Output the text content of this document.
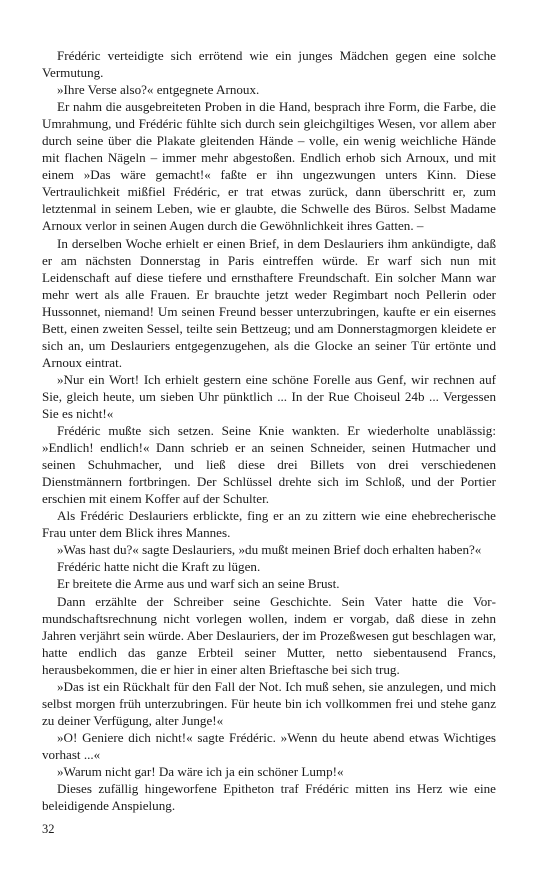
Frédéric verteidigte sich errötend wie ein junges Mädchen gegen eine solche Vermutung.

»Ihre Verse also?« entgegnete Arnoux.

Er nahm die ausgebreiteten Proben in die Hand, besprach ihre Form, die Farbe, die Umrahmung, und Frédéric fühlte sich durch sein gleichgiltiges Wesen, vor allem aber durch seine über die Plakate gleitenden Hände – volle, ein wenig weichliche Hände mit flachen Nägeln – immer mehr abgestoßen. Endlich erhob sich Arnoux, und mit einem »Das wäre gemacht!« faßte er ihn ungezwungen unters Kinn. Diese Vertraulichkeit mißfiel Frédéric, er trat etwas zurück, dann überschritt er, zum letztenmal in seinem Leben, wie er glaubte, die Schwelle des Büros. Selbst Madame Arnoux verlor in seinen Augen durch die Gewöhnlichkeit ihres Gatten. –

In derselben Woche erhielt er einen Brief, in dem Deslauriers ihm ankündigte, daß er am nächsten Donnerstag in Paris eintreffen würde. Er warf sich nun mit Leidenschaft auf diese tiefere und ernsthaftere Freundschaft. Ein solcher Mann war mehr wert als alle Frauen. Er brauchte jetzt weder Regimbart noch Pellerin oder Hussonnet, niemand! Um seinen Freund besser unterzubringen, kaufte er ein eisernes Bett, einen zweiten Sessel, teilte sein Bettzeug; und am Donnerstagmorgen kleidete er sich an, um Deslauriers entgegenzugehen, als die Glocke an seiner Tür ertönte und Arnoux eintrat.

»Nur ein Wort! Ich erhielt gestern eine schöne Forelle aus Genf, wir rechnen auf Sie, gleich heute, um sieben Uhr pünktlich ... In der Rue Choiseul 24b ... Vergessen Sie es nicht!«

Frédéric mußte sich setzen. Seine Knie wankten. Er wiederholte unablässig: »Endlich! endlich!« Dann schrieb er an seinen Schneider, seinen Hutmacher und seinen Schuhmacher, und ließ diese drei Billets von drei verschiedenen Dienstmännern fortbringen. Der Schlüssel drehte sich im Schloß, und der Portier erschien mit einem Koffer auf der Schulter.

Als Frédéric Deslauriers erblickte, fing er an zu zittern wie eine ehebrecherische Frau unter dem Blick ihres Mannes.

»Was hast du?« sagte Deslauriers, »du mußt meinen Brief doch erhalten haben?«

Frédéric hatte nicht die Kraft zu lügen.

Er breitete die Arme aus und warf sich an seine Brust.

Dann erzählte der Schreiber seine Geschichte. Sein Vater hatte die Vormundschaftsrechnung nicht vorlegen wollen, indem er vorgab, daß diese in zehn Jahren verjährt sein würde. Aber Deslauriers, der im Prozeßwesen gut beschlagen war, hatte endlich das ganze Erbteil seiner Mutter, netto siebentausend Francs, herausbekommen, die er hier in einer alten Brieftasche bei sich trug.

»Das ist ein Rückhalt für den Fall der Not. Ich muß sehen, sie anzulegen, und mich selbst morgen früh unterzubringen. Für heute bin ich vollkommen frei und stehe ganz zu deiner Verfügung, alter Junge!«

»O! Geniere dich nicht!« sagte Frédéric. »Wenn du heute abend etwas Wichtiges vorhast ...«

»Warum nicht gar! Da wäre ich ja ein schöner Lump!«

Dieses zufällig hingeworfene Epitheton traf Frédéric mitten ins Herz wie eine beleidigende Anspielung.

32
